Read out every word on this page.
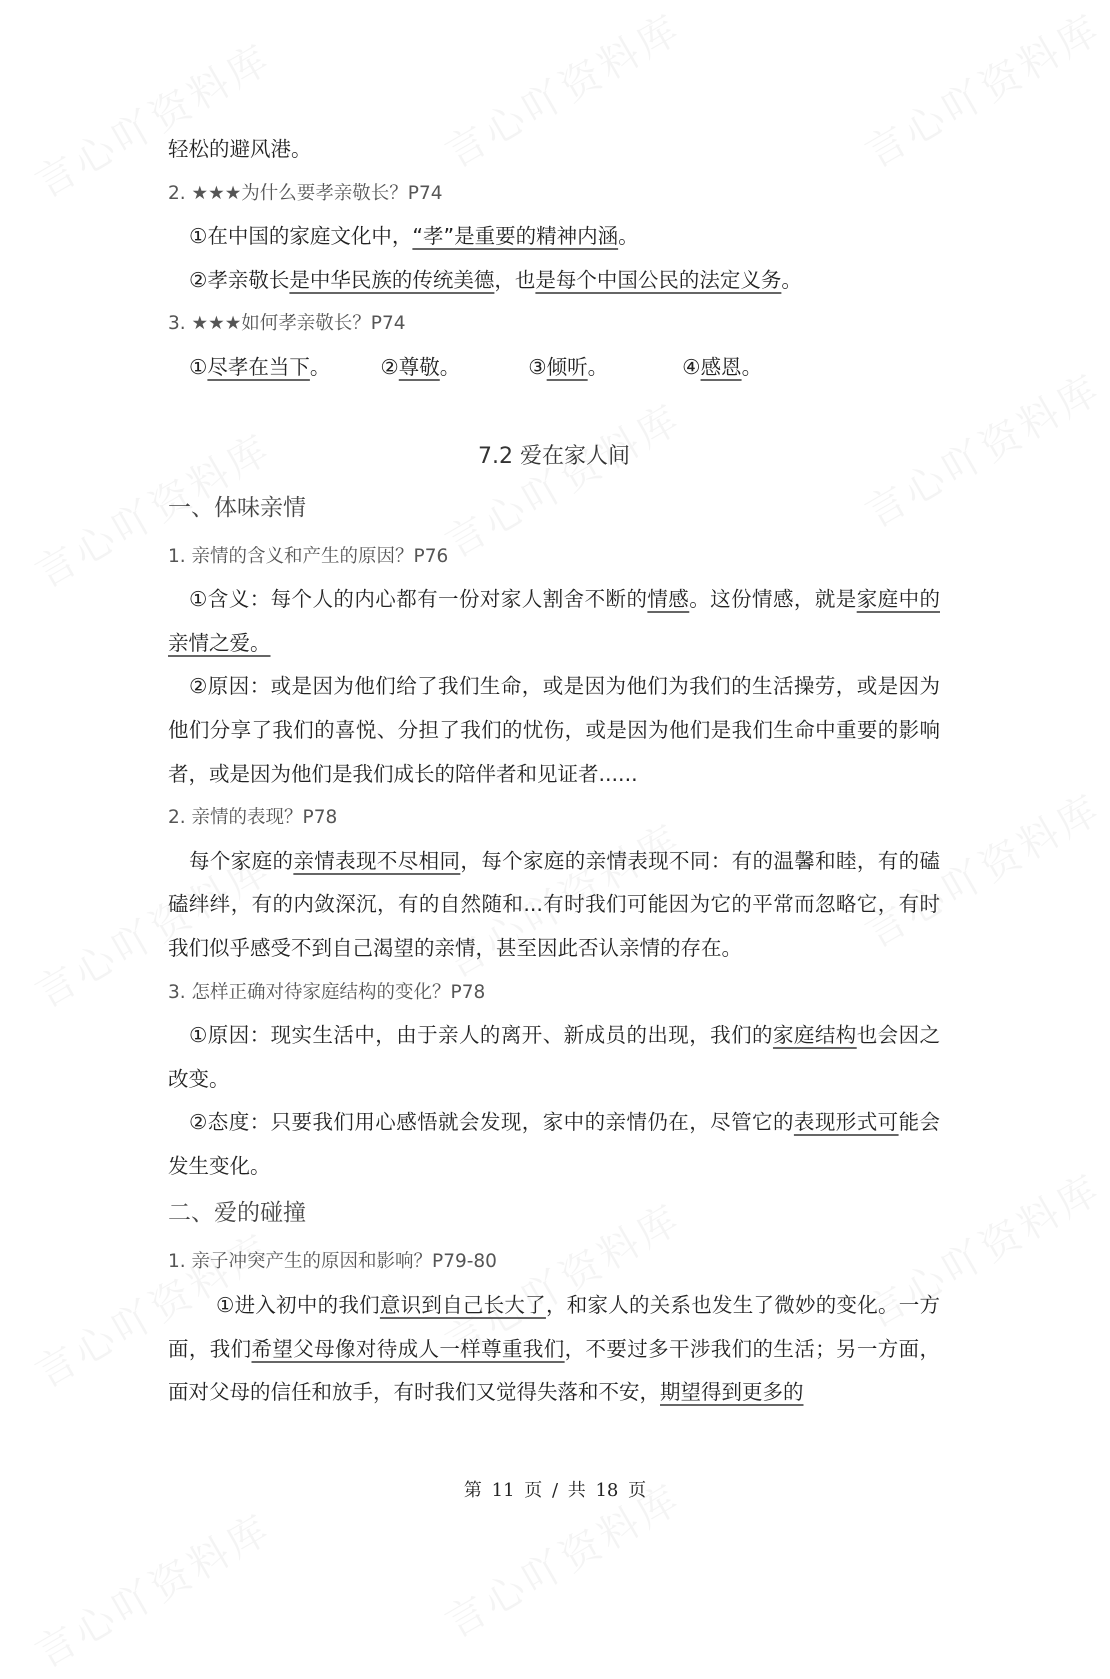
轻松的避风港。
2. ★★★为什么要孝亲敬长？P74
①在中国的家庭文化中，“孝”是重要的精神内涵。
②孝亲敬长是中华民族的传统美德，也是每个中国公民的法定义务。
3. ★★★如何孝亲敬长？P74
①尽孝在当下。 ②尊敬。	③倾听。	④感恩。
7.2 爱在家人间
一、体味亲情
1. 亲情的含义和产生的原因？P76
①含义：每个人的内心都有一份对家人割舍不断的情感。这份情感，就是家庭中的亲情之爱。
②原因：或是因为他们给了我们生命，或是因为他们为我们的生活操劳，或是因为他们分享了我们的喜悦、分担了我们的忧伤，或是因为他们是我们生命中重要的影响者，或是因为他们是我们成长的陪伴者和见证者......
2. 亲情的表现？P78
每个家庭的亲情表现不尽相同，每个家庭的亲情表现不同：有的温馨和睦，有的磕磕绊绊，有的内敛深沉，有的自然随和...有时我们可能因为它的平常而忽略它，有时我们似乎感受不到自己渴望的亲情，甚至因此否认亲情的存在。
3. 怎样正确对待家庭结构的变化？P78
①原因：现实生活中，由于亲人的离开、新成员的出现，我们的家庭结构也会因之改变。
②态度：只要我们用心感悟就会发现，家中的亲情仍在，尽管它的表现形式可能会发生变化。
二、爱的碰撞
1. 亲子冲突产生的原因和影响？P79-80
①进入初中的我们意识到自己长大了，和家人的关系也发生了微妙的变化。一方面，我们希望父母像对待成人一样尊重我们，不要过多干涉我们的生活；另一方面，面对父母的信任和放手，有时我们又觉得失落和不安，期望得到更多的
第 11 页 / 共 18 页
